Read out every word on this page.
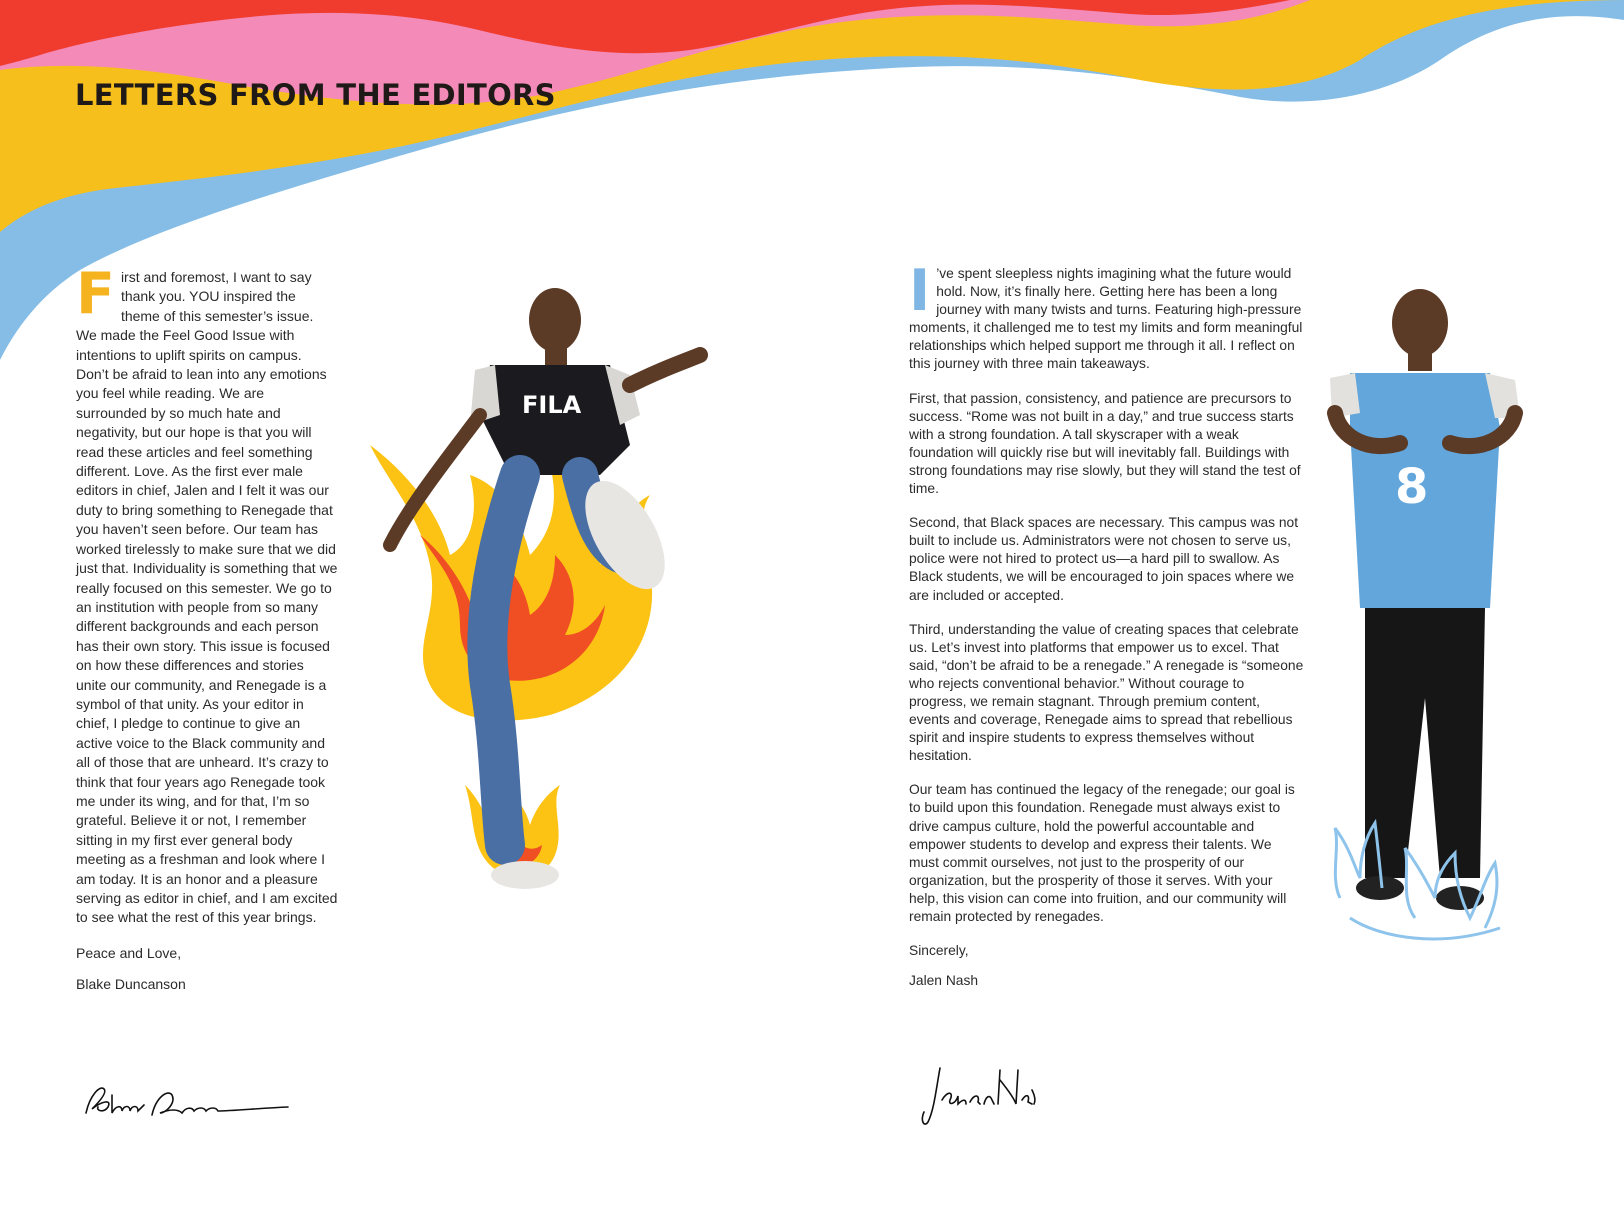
LETTERS FROM THE EDITORS

First and foremost, I want to say thank you. YOU inspired the theme of this semester’s issue. We made the Feel Good Issue with intentions to uplift spirits on campus. Don’t be afraid to lean into any emotions you feel while reading. We are surrounded by so much hate and negativity, but our hope is that you will read these articles and feel something different. Love. As the first ever male editors in chief, Jalen and I felt it was our duty to bring something to Renegade that you haven’t seen before. Our team has worked tirelessly to make sure that we did just that. Individuality is something that we really focused on this semester. We go to an institution with people from so many different backgrounds and each person has their own story. This issue is focused on how these differences and stories unite our community, and Renegade is a symbol of that unity. As your editor in chief, I pledge to continue to give an active voice to the Black community and all of those that are unheard. It’s crazy to think that four years ago Renegade took me under its wing, and for that, I’m so grateful. Believe it or not, I remember sitting in my first ever general body meeting as a freshman and look where I am today. It is an honor and a pleasure serving as editor in chief, and I am excited to see what the rest of this year brings.

Peace and Love,
Blake Duncanson
FILA

I ’ve spent sleepless nights imagining what the future would hold. Now, it’s finally here. Getting here has been a long journey with many twists and turns. Featuring high-pressure moments, it challenged me to test my limits and form meaningful relationships which helped support me through it all. I reflect on this journey with three main takeaways.

First, that passion, consistency, and patience are precursors to success. “Rome was not built in a day,” and true success starts with a strong foundation. A tall skyscraper with a weak foundation will quickly rise but will inevitably fall. Buildings with strong foundations may rise slowly, but they will stand the test of time.

Second, that Black spaces are necessary. This campus was not built to include us. Administrators were not chosen to serve us, police were not hired to protect us—a hard pill to swallow. As Black students, we will be encouraged to join spaces where we are included or accepted.

Third, understanding the value of creating spaces that celebrate us. Let’s invest into platforms that empower us to excel. That said, “don’t be afraid to be a renegade.” A renegade is “someone who rejects conventional behavior.” Without courage to progress, we remain stagnant. Through premium content, events and coverage, Renegade aims to spread that rebellious spirit and inspire students to express themselves without hesitation.

Our team has continued the legacy of the renegade; our goal is to build upon this foundation. Renegade must always exist to drive campus culture, hold the powerful accountable and empower students to develop and express their talents. We must commit ourselves, not just to the prosperity of our organization, but the prosperity of those it serves. With your help, this vision can come into fruition, and our community will remain protected by renegades.

Sincerely,
Jalen Nash
8
